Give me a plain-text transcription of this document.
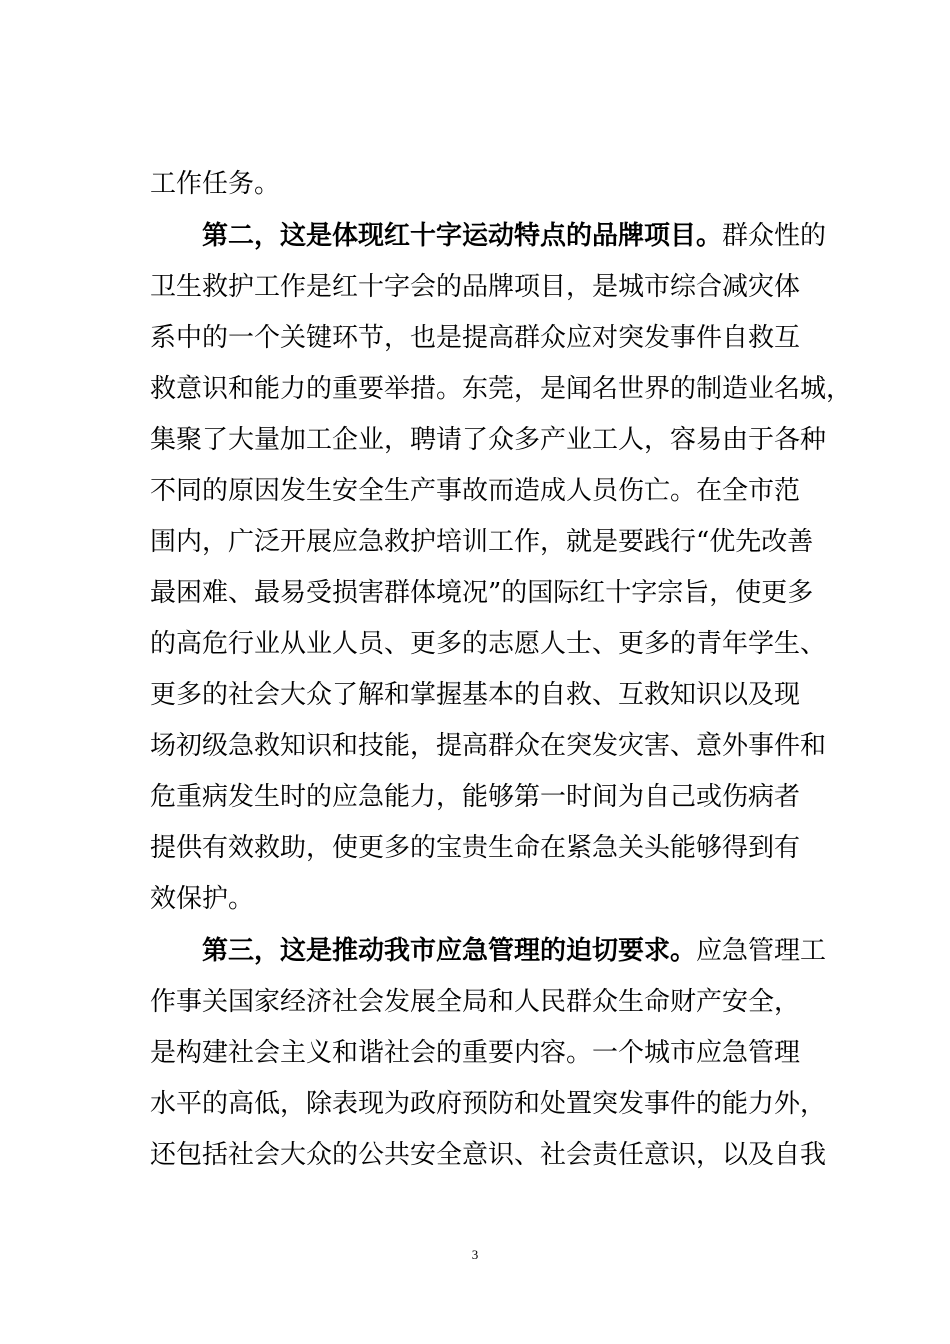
工作任务。

第二，这是体现红十字运动特点的品牌项目。群众性的

卫生救护工作是红十字会的品牌项目，是城市综合减灾体

系中的一个关键环节，也是提高群众应对突发事件自救互

救意识和能力的重要举措。东莞，是闻名世界的制造业名城，

集聚了大量加工企业，聘请了众多产业工人，容易由于各种

不同的原因发生安全生产事故而造成人员伤亡。在全市范

围内，广泛开展应急救护培训工作，就是要践行“优先改善

最困难、最易受损害群体境况”的国际红十字宗旨，使更多

的高危行业从业人员、更多的志愿人士、更多的青年学生、

更多的社会大众了解和掌握基本的自救、互救知识以及现

场初级急救知识和技能，提高群众在突发灾害、意外事件和

危重病发生时的应急能力，能够第一时间为自己或伤病者

提供有效救助，使更多的宝贵生命在紧急关头能够得到有

效保护。

第三，这是推动我市应急管理的迫切要求。应急管理工

作事关国家经济社会发展全局和人民群众生命财产安全，

是构建社会主义和谐社会的重要内容。一个城市应急管理

水平的高低，除表现为政府预防和处置突发事件的能力外，

还包括社会大众的公共安全意识、社会责任意识，以及自我

3
